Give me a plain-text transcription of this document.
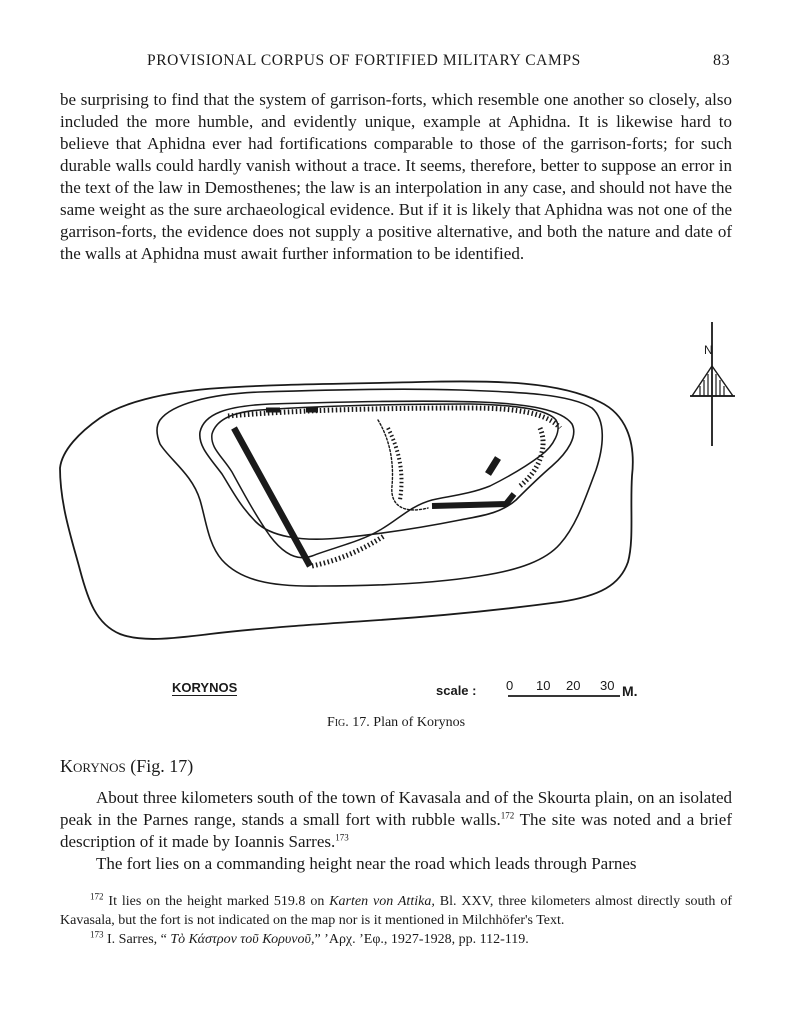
PROVISIONAL CORPUS OF FORTIFIED MILITARY CAMPS	83

be surprising to find that the system of garrison-forts, which resemble one another so closely, also included the more humble, and evidently unique, example at Aphidna. It is likewise hard to believe that Aphidna ever had fortifications comparable to those of the garrison-forts; for such durable walls could hardly vanish without a trace. It seems, therefore, better to suppose an error in the text of the law in Demosthenes; the law is an interpolation in any case, and should not have the same weight as the sure archaeological evidence. But if it is likely that Aphidna was not one of the garrison-forts, the evidence does not supply a positive alternative, and both the nature and date of the walls at Aphidna must await further information to be identified.

N
KORYNOS	scale : 0 10 20 30 M.
Fig. 17. Plan of Korynos
Korynos (Fig. 17)

About three kilometers south of the town of Kavasala and of the Skourta plain, on an isolated peak in the Parnes range, stands a small fort with rubble walls.$^{172}$ The site was noted and a brief description of it made by Ioannis Sarres.$^{173}$

The fort lies on a commanding height near the road which leads through Parnes

$^{172}$ It lies on the height marked 519.8 on Karten von Attika, Bl. XXV, three kilometers almost directly south of Kavasala, but the fort is not indicated on the map nor is it mentioned in Milchhöfer's Text.

$^{173}$ I. Sarres, “ Τὸ Κάστρον τοῦ Κορυνοῦ,” ’Αρχ. ’Εφ., 1927-1928, pp. 112-119.
